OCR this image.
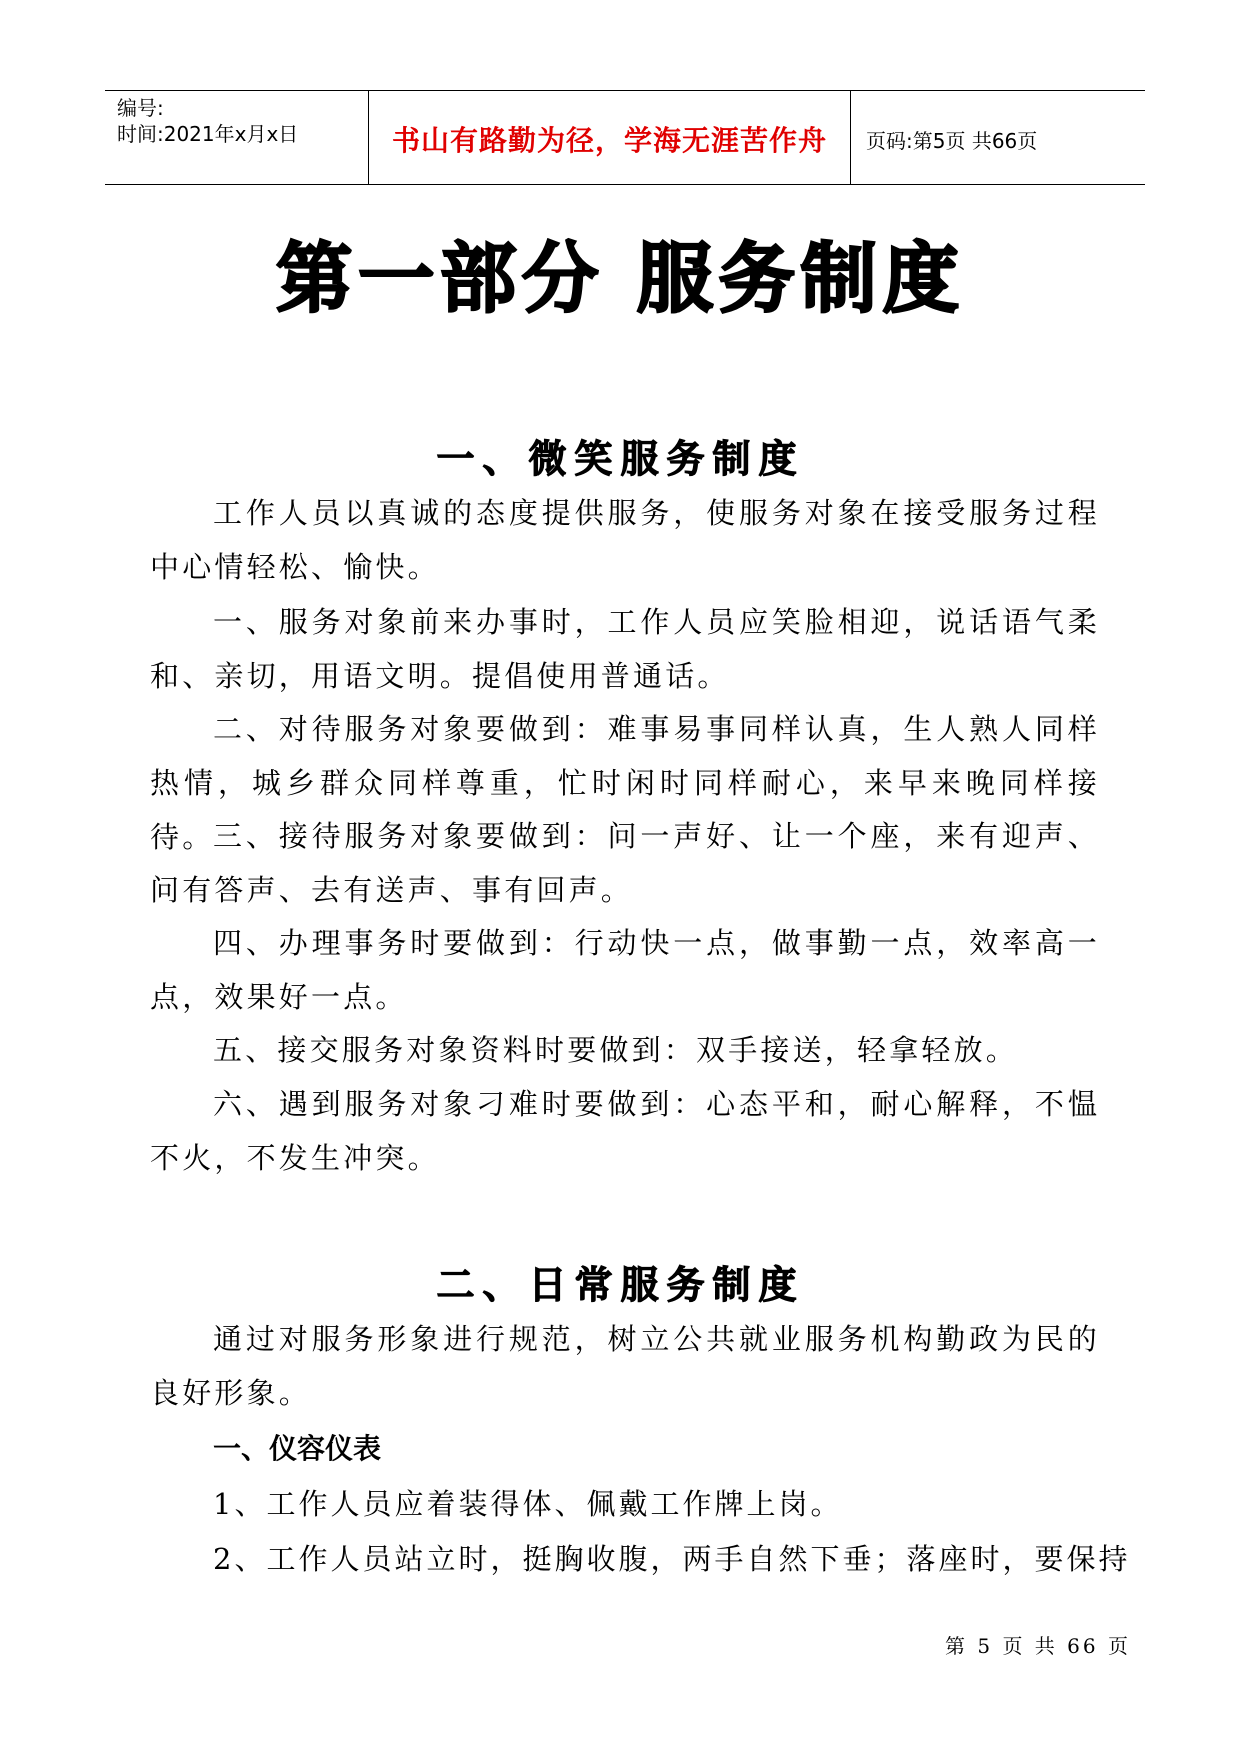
编号:
时间:2021年x月x日	书山有路勤为径，学海无涯苦作舟	页码:第5页 共66页
第一部分 服务制度
一、微笑服务制度

工作人员以真诚的态度提供服务，使服务对象在接受服务过程中心情轻松、愉快。

一、服务对象前来办事时，工作人员应笑脸相迎，说话语气柔和、亲切，用语文明。提倡使用普通话。

二、对待服务对象要做到：难事易事同样认真，生人熟人同样热情，城乡群众同样尊重，忙时闲时同样耐心，来早来晚同样接待。

三、接待服务对象要做到：问一声好、让一个座，来有迎声、问有答声、去有送声、事有回声。

四、办理事务时要做到：行动快一点，做事勤一点，效率高一点，效果好一点。

五、接交服务对象资料时要做到：双手接送，轻拿轻放。

六、遇到服务对象刁难时要做到：心态平和，耐心解释，不愠不火，不发生冲突。

二、日常服务制度

通过对服务形象进行规范，树立公共就业服务机构勤政为民的良好形象。

一、仪容仪表
1、工作人员应着装得体、佩戴工作牌上岗。
2、工作人员站立时，挺胸收腹，两手自然下垂；落座时，要保持
第 5 页 共 66 页
